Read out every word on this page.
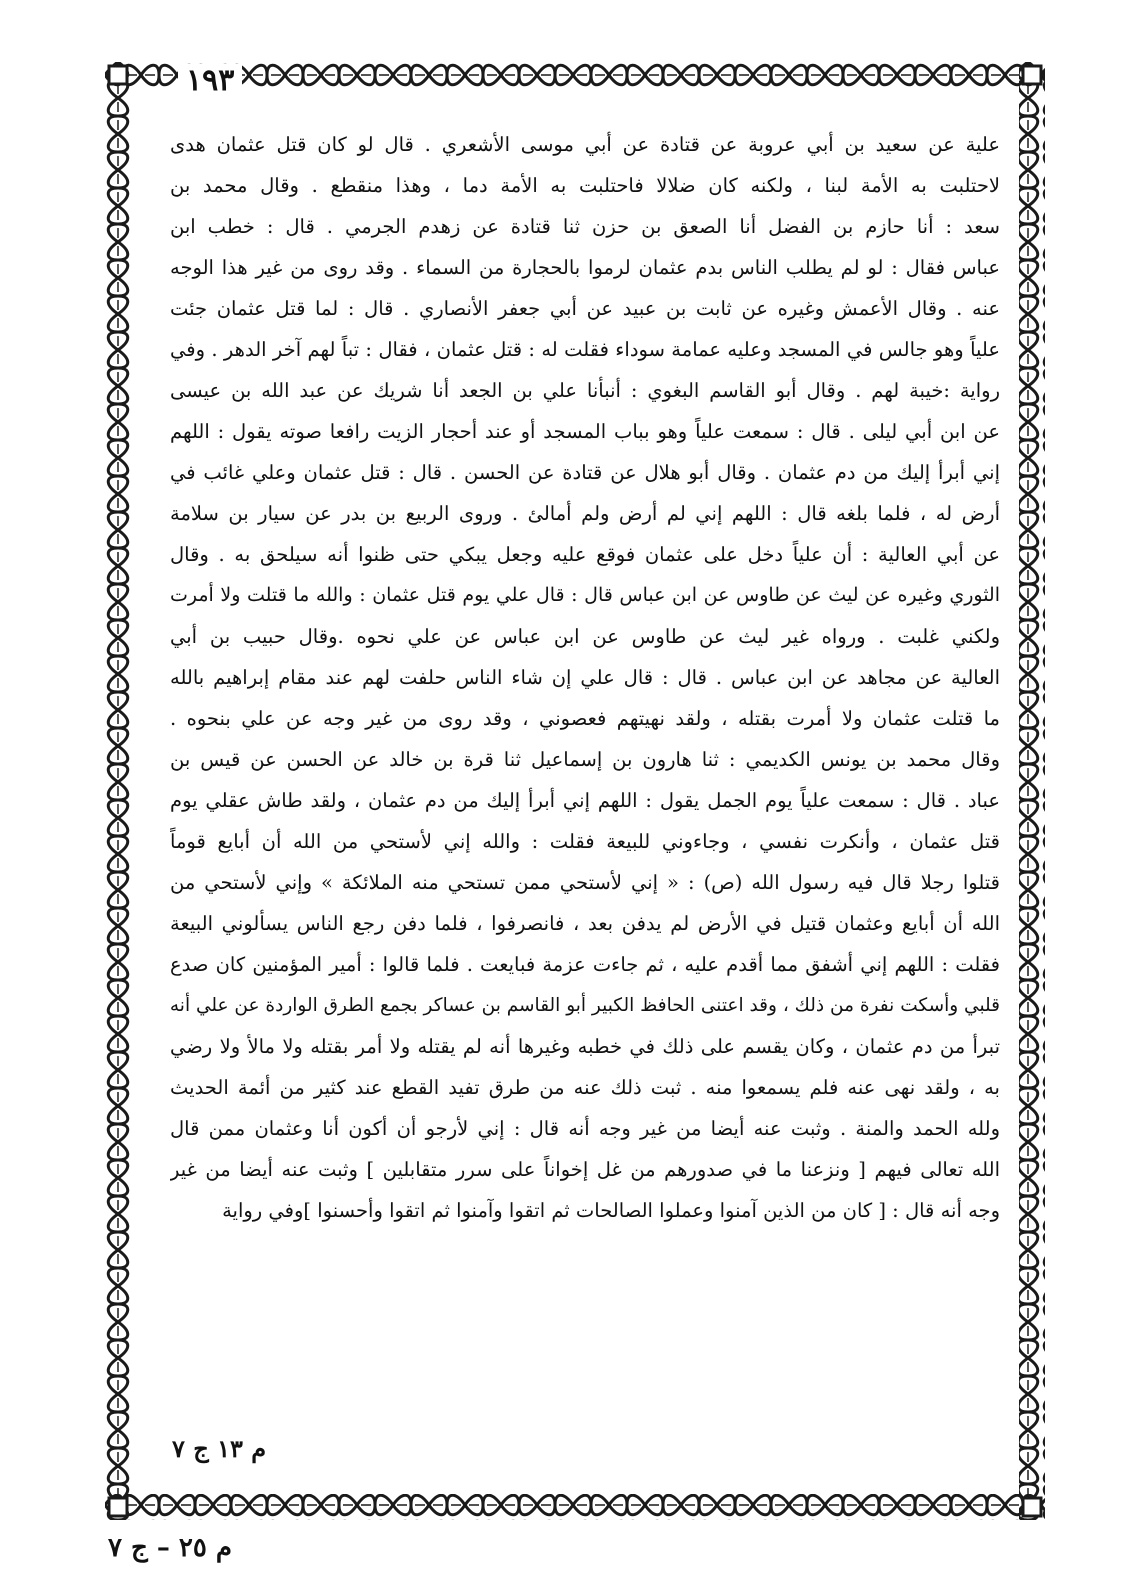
١٩٣
علية عن سعيد بن أبي عروبة عن قتادة عن أبي موسى الأشعري . قال لو كان قتل عثمان هدى
لاحتلبت به الأمة لبنا ، ولكنه كان ضلالا فاحتلبت به الأمة دما ، وهذا منقطع . وقال محمد بن
سعد : أنا حازم بن الفضل أنا الصعق بن حزن ثنا قتادة عن زهدم الجرمي . قال : خطب ابن
عباس فقال : لو لم يطلب الناس بدم عثمان لرموا بالحجارة من السماء . وقد روى من غير هذا الوجه
عنه . وقال الأعمش وغيره عن ثابت بن عبيد عن أبي جعفر الأنصاري . قال : لما قتل عثمان جئت
علياً وهو جالس في المسجد وعليه عمامة سوداء فقلت له : قتل عثمان ، فقال : تباً لهم آخر الدهر . وفي
رواية :خيبة لهم . وقال أبو القاسم البغوي : أنبأنا علي بن الجعد أنا شريك عن عبد الله بن عيسى
عن ابن أبي ليلى . قال : سمعت علياً وهو بباب المسجد أو عند أحجار الزيت رافعا صوته يقول : اللهم
إني أبرأ إليك من دم عثمان . وقال أبو هلال عن قتادة عن الحسن . قال : قتل عثمان وعلي غائب في
أرض له ، فلما بلغه قال : اللهم إني لم أرض ولم أمالئ . وروى الربيع بن بدر عن سيار بن سلامة
عن أبي العالية : أن علياً دخل على عثمان فوقع عليه وجعل يبكي حتى ظنوا أنه سيلحق به . وقال
الثوري وغيره عن ليث عن طاوس عن ابن عباس قال : قال علي يوم قتل عثمان : والله ما قتلت ولا أمرت
ولكني غلبت . ورواه غير ليث عن طاوس عن ابن عباس عن علي نحوه .وقال حبيب بن أبي
العالية عن مجاهد عن ابن عباس . قال : قال علي إن شاء الناس حلفت لهم عند مقام إبراهيم بالله
ما قتلت عثمان ولا أمرت بقتله ، ولقد نهيتهم فعصوني ، وقد روى من غير وجه عن علي بنحوه .
وقال محمد بن يونس الكديمي : ثنا هارون بن إسماعيل ثنا قرة بن خالد عن الحسن عن قيس بن
عباد . قال : سمعت علياً يوم الجمل يقول : اللهم إني أبرأ إليك من دم عثمان ، ولقد طاش عقلي يوم
قتل عثمان ، وأنكرت نفسي ، وجاءوني للبيعة فقلت : والله إني لأستحي من الله أن أبايع قوماً
قتلوا رجلا قال فيه رسول الله (ص) : « إني لأستحي ممن تستحي منه الملائكة » وإني لأستحي من
الله أن أبايع وعثمان قتيل في الأرض لم يدفن بعد ، فانصرفوا ، فلما دفن رجع الناس يسألوني البيعة
فقلت : اللهم إني أشفق مما أقدم عليه ، ثم جاءت عزمة فبايعت . فلما قالوا : أمير المؤمنين كان صدع
قلبي وأسكت نفرة من ذلك ، وقد اعتنى الحافظ الكبير أبو القاسم بن عساكر بجمع الطرق الواردة عن علي أنه
تبرأ من دم عثمان ، وكان يقسم على ذلك في خطبه وغيرها أنه لم يقتله ولا أمر بقتله ولا مالأ ولا رضي
به ، ولقد نهى عنه فلم يسمعوا منه . ثبت ذلك عنه من طرق تفيد القطع عند كثير من أئمة الحديث
ولله الحمد والمنة . وثبت عنه أيضا من غير وجه أنه قال : إني لأرجو أن أكون أنا وعثمان ممن قال
الله تعالى فيهم [ ونزعنا ما في صدورهم من غل إخواناً على سرر متقابلين ] وثبت عنه أيضا من غير
وجه أنه قال : [ كان من الذين آمنوا وعملوا الصالحات ثم اتقوا وآمنوا ثم اتقوا وأحسنوا ]وفي رواية
م ١٣ ج ٧
م ٢٥ – ج ٧
